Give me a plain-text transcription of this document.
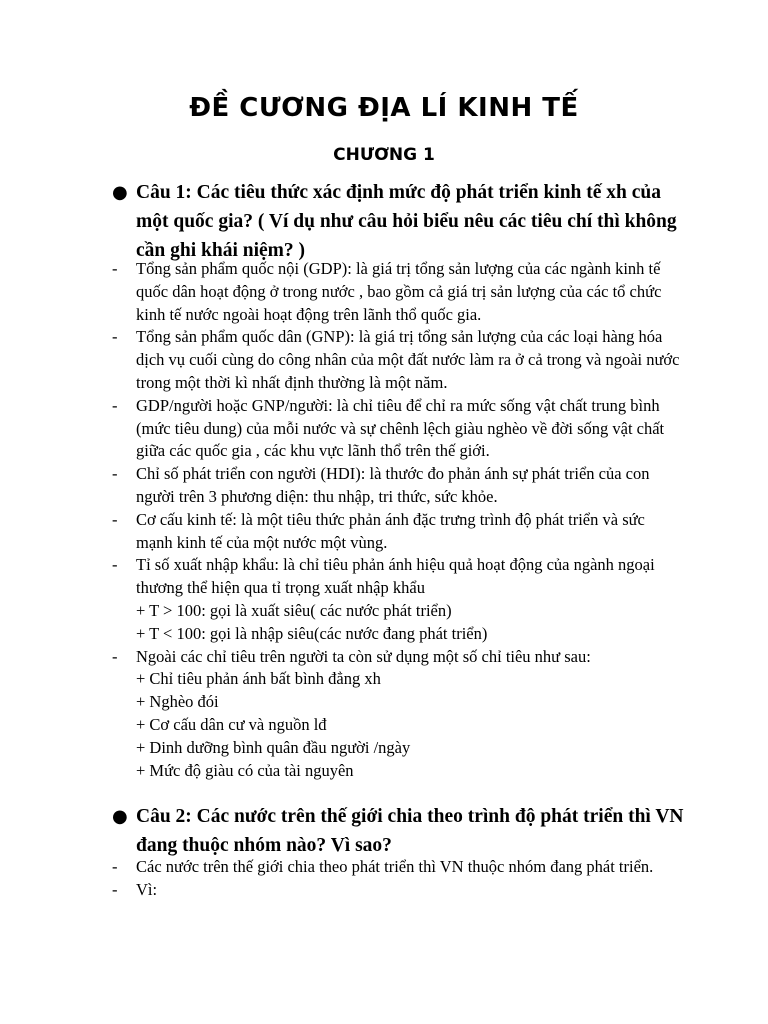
ĐỀ CƯƠNG ĐỊA LÍ KINH TẾ
CHƯƠNG 1

● Câu 1: Các tiêu thức xác định mức độ phát triển kinh tế xh của một quốc gia? ( Ví dụ như câu hỏi biểu nêu các tiêu chí thì không cần ghi khái niệm? )

-	Tổng sản phẩm quốc nội (GDP): là giá trị tổng sản lượng của các ngành kinh tế quốc dân hoạt động ở trong nước , bao gồm cả giá trị sản lượng của các tổ chức kinh tế nước ngoài hoạt động trên lãnh thổ quốc gia.
-	Tổng sản phẩm quốc dân (GNP): là giá trị tổng sản lượng của các loại hàng hóa dịch vụ cuối cùng do công nhân của một đất nước làm ra ở cả trong và ngoài nước trong một thời kì nhất định thường là một năm.
-	GDP/người hoặc GNP/người: là chỉ tiêu để chỉ ra mức sống vật chất trung bình (mức tiêu dung) của mỗi nước và sự chênh lệch giàu nghèo về đời sống vật chất giữa các quốc gia , các khu vực lãnh thổ trên thế giới.
-	Chỉ số phát triển con người (HDI): là thước đo phản ánh sự phát triển của con người trên 3 phương diện: thu nhập, tri thức, sức khỏe.
-	Cơ cấu kinh tế: là một tiêu thức phản ánh đặc trưng trình độ phát triển và sức mạnh kinh tế của một nước một vùng.
-	Tỉ số xuất nhập khẩu: là chỉ tiêu phản ánh hiệu quả hoạt động của ngành ngoại thương thể hiện qua tỉ trọng xuất nhập khẩu
+ T > 100: gọi là xuất siêu( các nước phát triển)
+ T < 100: gọi là nhập siêu(các nước đang phát triển)
-	Ngoài các chỉ tiêu trên người ta còn sử dụng một số chỉ tiêu như sau:
+ Chỉ tiêu phản ánh bất bình đẳng xh
+ Nghèo đói
+ Cơ cấu dân cư và nguồn lđ
+ Dinh dưỡng bình quân đầu người /ngày
+ Mức độ giàu có của tài nguyên

● Câu 2: Các nước trên thế giới chia theo trình độ phát triển thì VN đang thuộc nhóm nào? Vì sao?

-	Các nước trên thế giới chia theo phát triển thì VN thuộc nhóm đang phát triển.
-	Vì:
